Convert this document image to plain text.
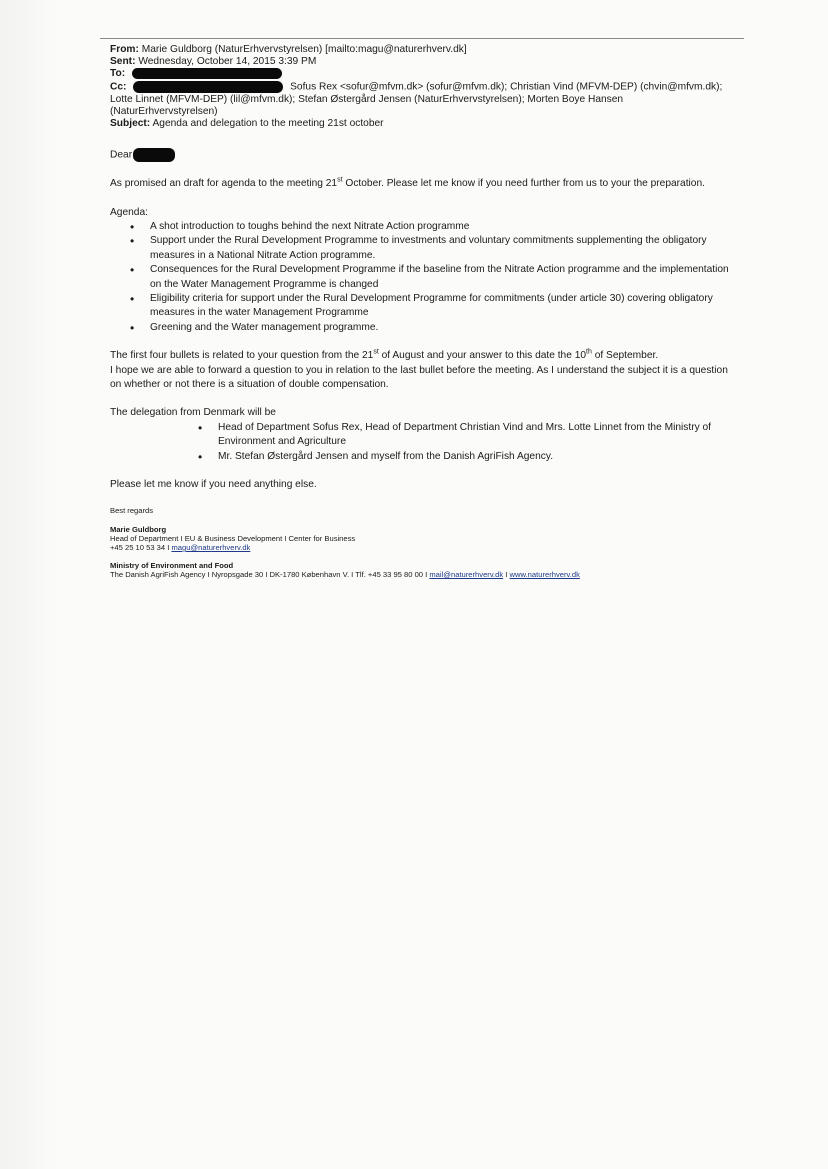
From: Marie Guldborg (NaturErhvervstyrelsen) [mailto:magu@naturerhverv.dk]
Sent: Wednesday, October 14, 2015 3:39 PM
To:
Cc:	Sofus Rex <sofur@mfvm.dk> (sofur@mfvm.dk); Christian Vind (MFVM-DEP) (chvin@mfvm.dk);
Lotte Linnet (MFVM-DEP) (lil@mfvm.dk); Stefan Østergård Jensen (NaturErhvervstyrelsen); Morten Boye Hansen
(NaturErhvervstyrelsen)
Subject: Agenda and delegation to the meeting 21st october

Dear

As promised an draft for agenda to the meeting 21st October. Please let me know if you need further from us to your the preparation.

Agenda:

• A shot introduction to toughs behind the next Nitrate Action programme
• Support under the Rural Development Programme to investments and voluntary commitments supplementing the obligatory measures in a National Nitrate Action programme.
• Consequences for the Rural Development Programme if the baseline from the Nitrate Action programme and the implementation on the Water Management Programme is changed
• Eligibility criteria for support under the Rural Development Programme for commitments (under article 30) covering obligatory measures in the water Management Programme
• Greening and the Water management programme.

The first four bullets is related to your question from the 21st of August and your answer to this date the 10th of September.

I hope we are able to forward a question to you in relation to the last bullet before the meeting. As I understand the subject it is a question on whether or not there is a situation of double compensation.

The delegation from Denmark will be

• Head of Department Sofus Rex, Head of Department Christian Vind and Mrs. Lotte Linnet from the Ministry of Environment and Agriculture
• Mr. Stefan Østergård Jensen and myself from the Danish AgriFish Agency.

Please let me know if you need anything else.

Best regards
Marie Guldborg
Head of Department I EU & Business Development I Center for Business
+45 25 10 53 34 I magu@naturerhverv.dk
Ministry of Environment and Food
The Danish AgriFish Agency I Nyropsgade 30 I DK-1780 København V. I Tlf. +45 33 95 80 00 I mail@naturerhverv.dk I www.naturerhverv.dk
